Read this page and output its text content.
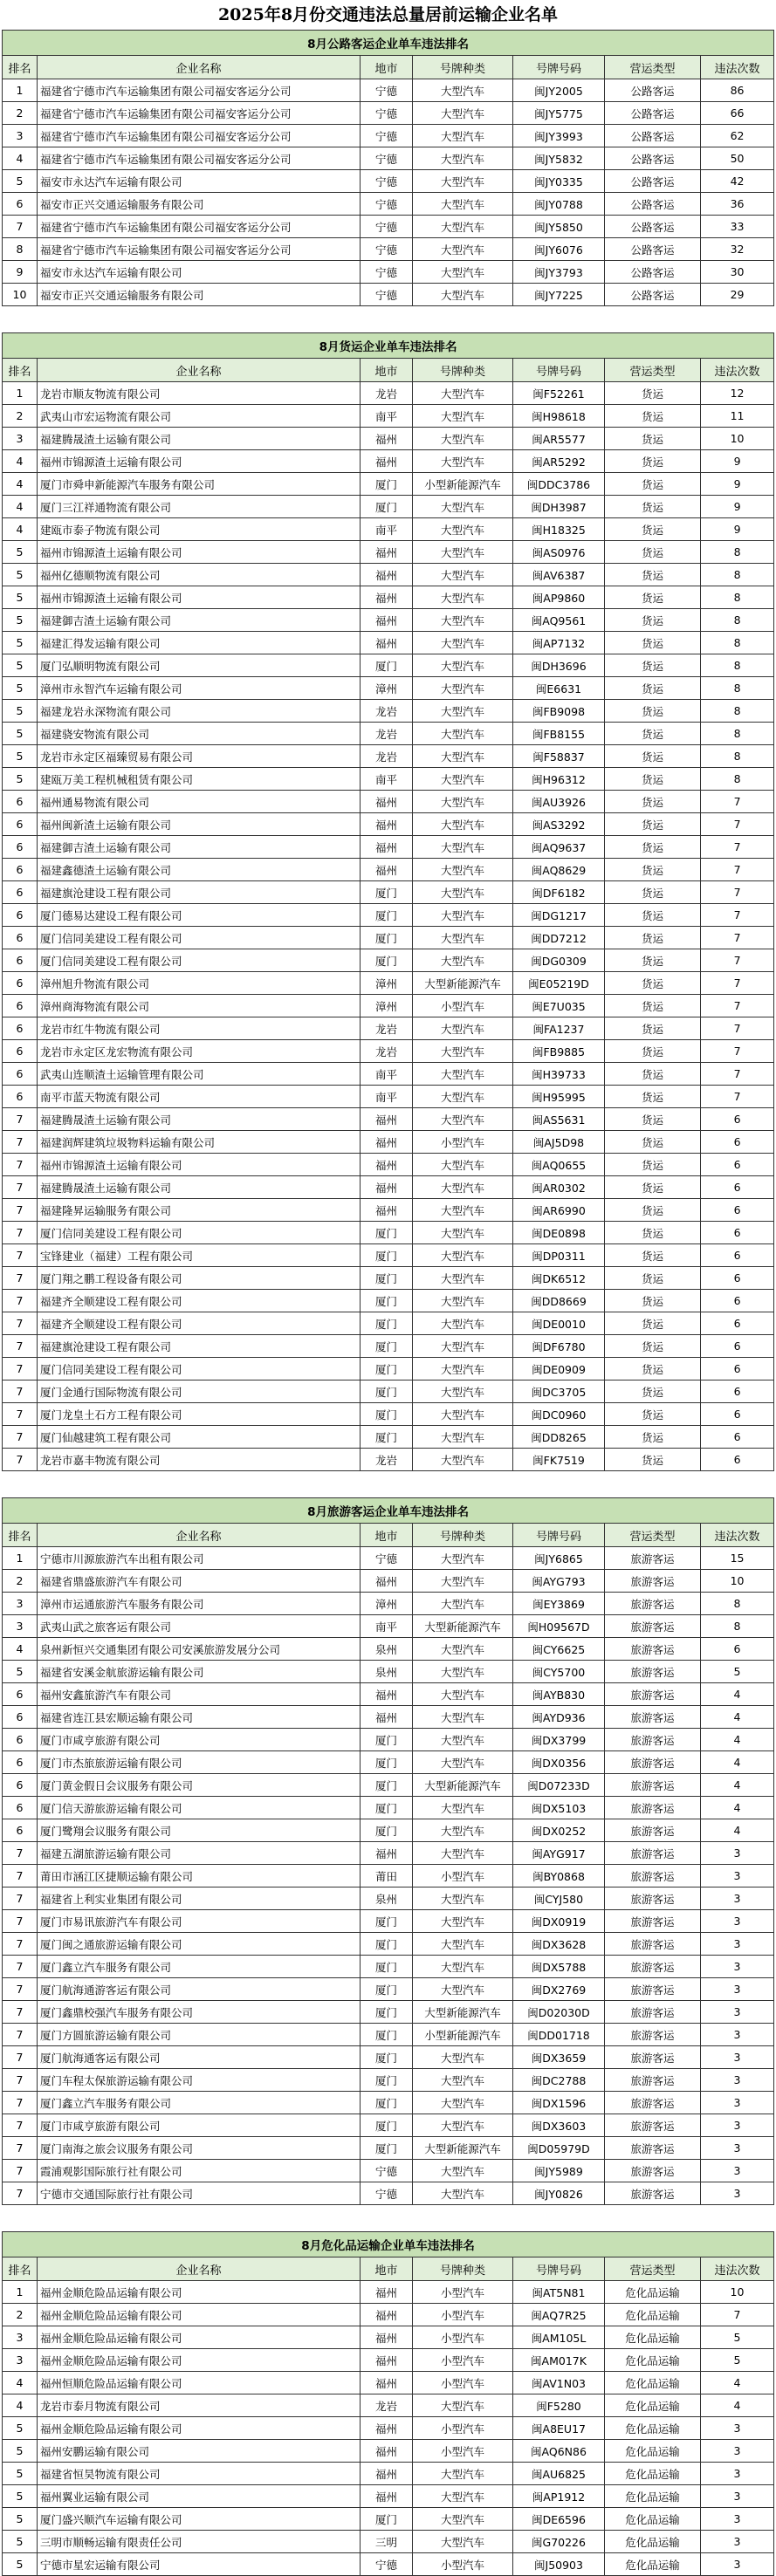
2025年8月份交通违法总量居前运输企业名单
8月公路客运企业单车违法排名						
排名	企业名称	地市	号牌种类	号牌号码	营运类型	违法次数
1	福建省宁德市汽车运输集团有限公司福安客运分公司	宁德	大型汽车	闽JY2005	公路客运	86
2	福建省宁德市汽车运输集团有限公司福安客运分公司	宁德	大型汽车	闽JY5775	公路客运	66
3	福建省宁德市汽车运输集团有限公司福安客运分公司	宁德	大型汽车	闽JY3993	公路客运	62
4	福建省宁德市汽车运输集团有限公司福安客运分公司	宁德	大型汽车	闽JY5832	公路客运	50
5	福安市永达汽车运输有限公司	宁德	大型汽车	闽JY0335	公路客运	42
6	福安市正兴交通运输服务有限公司	宁德	大型汽车	闽JY0788	公路客运	36
7	福建省宁德市汽车运输集团有限公司福安客运分公司	宁德	大型汽车	闽JY5850	公路客运	33
8	福建省宁德市汽车运输集团有限公司福安客运分公司	宁德	大型汽车	闽JY6076	公路客运	32
9	福安市永达汽车运输有限公司	宁德	大型汽车	闽JY3793	公路客运	30
10	福安市正兴交通运输服务有限公司	宁德	大型汽车	闽JY7225	公路客运	29
8月货运企业单车违法排名						
排名	企业名称	地市	号牌种类	号牌号码	营运类型	违法次数
1	龙岩市顺友物流有限公司	龙岩	大型汽车	闽F52261	货运	12
2	武夷山市宏运物流有限公司	南平	大型汽车	闽H98618	货运	11
3	福建腾晟渣土运输有限公司	福州	大型汽车	闽AR5577	货运	10
4	福州市锦源渣土运输有限公司	福州	大型汽车	闽AR5292	货运	9
4	厦门市舜申新能源汽车服务有限公司	厦门	小型新能源汽车	闽DDC3786	货运	9
4	厦门三江祥通物流有限公司	厦门	大型汽车	闽DH3987	货运	9
4	建瓯市泰子物流有限公司	南平	大型汽车	闽H18325	货运	9
5	福州市锦源渣土运输有限公司	福州	大型汽车	闽AS0976	货运	8
5	福州亿德顺物流有限公司	福州	大型汽车	闽AV6387	货运	8
5	福州市锦源渣土运输有限公司	福州	大型汽车	闽AP9860	货运	8
5	福建御吉渣土运输有限公司	福州	大型汽车	闽AQ9561	货运	8
5	福建汇得发运输有限公司	福州	大型汽车	闽AP7132	货运	8
5	厦门弘顺明物流有限公司	厦门	大型汽车	闽DH3696	货运	8
5	漳州市永智汽车运输有限公司	漳州	大型汽车	闽E6631	货运	8
5	福建龙岩永深物流有限公司	龙岩	大型汽车	闽FB9098	货运	8
5	福建骁安物流有限公司	龙岩	大型汽车	闽FB8155	货运	8
5	龙岩市永定区福臻贸易有限公司	龙岩	大型汽车	闽F58837	货运	8
5	建瓯万美工程机械租赁有限公司	南平	大型汽车	闽H96312	货运	8
6	福州通易物流有限公司	福州	大型汽车	闽AU3926	货运	7
6	福州闽新渣土运输有限公司	福州	大型汽车	闽AS3292	货运	7
6	福建御吉渣土运输有限公司	福州	大型汽车	闽AQ9637	货运	7
6	福建鑫德渣土运输有限公司	福州	大型汽车	闽AQ8629	货运	7
6	福建旗沧建设工程有限公司	厦门	大型汽车	闽DF6182	货运	7
6	厦门德易达建设工程有限公司	厦门	大型汽车	闽DG1217	货运	7
6	厦门信同美建设工程有限公司	厦门	大型汽车	闽DD7212	货运	7
6	厦门信同美建设工程有限公司	厦门	大型汽车	闽DG0309	货运	7
6	漳州旭升物流有限公司	漳州	大型新能源汽车	闽E05219D	货运	7
6	漳州商海物流有限公司	漳州	小型汽车	闽E7U035	货运	7
6	龙岩市红牛物流有限公司	龙岩	大型汽车	闽FA1237	货运	7
6	龙岩市永定区龙宏物流有限公司	龙岩	大型汽车	闽FB9885	货运	7
6	武夷山连顺渣土运输管理有限公司	南平	大型汽车	闽H39733	货运	7
6	南平市蓝天物流有限公司	南平	大型汽车	闽H95995	货运	7
7	福建腾晟渣土运输有限公司	福州	大型汽车	闽AS5631	货运	6
7	福建润辉建筑垃圾物料运输有限公司	福州	小型汽车	闽AJ5D98	货运	6
7	福州市锦源渣土运输有限公司	福州	大型汽车	闽AQ0655	货运	6
7	福建腾晟渣土运输有限公司	福州	大型汽车	闽AR0302	货运	6
7	福建隆昇运输服务有限公司	福州	大型汽车	闽AR6990	货运	6
7	厦门信同美建设工程有限公司	厦门	大型汽车	闽DE0898	货运	6
7	宝锋建业（福建）工程有限公司	厦门	大型汽车	闽DP0311	货运	6
7	厦门翔之鹏工程设备有限公司	厦门	大型汽车	闽DK6512	货运	6
7	福建齐全顺建设工程有限公司	厦门	大型汽车	闽DD8669	货运	6
7	福建齐全顺建设工程有限公司	厦门	大型汽车	闽DE0010	货运	6
7	福建旗沧建设工程有限公司	厦门	大型汽车	闽DF6780	货运	6
7	厦门信同美建设工程有限公司	厦门	大型汽车	闽DE0909	货运	6
7	厦门金通行国际物流有限公司	厦门	大型汽车	闽DC3705	货运	6
7	厦门龙皇土石方工程有限公司	厦门	大型汽车	闽DC0960	货运	6
7	厦门仙越建筑工程有限公司	厦门	大型汽车	闽DD8265	货运	6
7	龙岩市嘉丰物流有限公司	龙岩	大型汽车	闽FK7519	货运	6
8月旅游客运企业单车违法排名						
排名	企业名称	地市	号牌种类	号牌号码	营运类型	违法次数
1	宁德市川源旅游汽车出租有限公司	宁德	大型汽车	闽JY6865	旅游客运	15
2	福建省鼎盛旅游汽车有限公司	福州	大型汽车	闽AYG793	旅游客运	10
3	漳州市运通旅游汽车服务有限公司	漳州	大型汽车	闽EY3869	旅游客运	8
3	武夷山武之旅客运有限公司	南平	大型新能源汽车	闽H09567D	旅游客运	8
4	泉州新恒兴交通集团有限公司安溪旅游发展分公司	泉州	大型汽车	闽CY6625	旅游客运	6
5	福建省安溪金航旅游运输有限公司	泉州	大型汽车	闽CY5700	旅游客运	5
6	福州安鑫旅游汽车有限公司	福州	大型汽车	闽AYB830	旅游客运	4
6	福建省连江县宏顺运输有限公司	福州	大型汽车	闽AYD936	旅游客运	4
6	厦门市咸亨旅游有限公司	厦门	大型汽车	闽DX3799	旅游客运	4
6	厦门市杰旅旅游运输有限公司	厦门	大型汽车	闽DX0356	旅游客运	4
6	厦门黄金假日会议服务有限公司	厦门	大型新能源汽车	闽D07233D	旅游客运	4
6	厦门信天游旅游运输有限公司	厦门	大型汽车	闽DX5103	旅游客运	4
6	厦门鹭翔会议服务有限公司	厦门	大型汽车	闽DX0252	旅游客运	4
7	福建五湖旅游运输有限公司	福州	大型汽车	闽AYG917	旅游客运	3
7	莆田市涵江区捷顺运输有限公司	莆田	小型汽车	闽BY0868	旅游客运	3
7	福建省上利实业集团有限公司	泉州	大型汽车	闽CYJ580	旅游客运	3
7	厦门市易讯旅游汽车有限公司	厦门	大型汽车	闽DX0919	旅游客运	3
7	厦门闽之通旅游运输有限公司	厦门	大型汽车	闽DX3628	旅游客运	3
7	厦门鑫立汽车服务有限公司	厦门	大型汽车	闽DX5788	旅游客运	3
7	厦门航海通游客运有限公司	厦门	大型汽车	闽DX2769	旅游客运	3
7	厦门鑫鼎校强汽车服务有限公司	厦门	大型新能源汽车	闽D02030D	旅游客运	3
7	厦门方圆旅游运输有限公司	厦门	小型新能源汽车	闽DD01718	旅游客运	3
7	厦门航海通客运有限公司	厦门	大型汽车	闽DX3659	旅游客运	3
7	厦门车程太保旅游运输有限公司	厦门	大型汽车	闽DC2788	旅游客运	3
7	厦门鑫立汽车服务有限公司	厦门	大型汽车	闽DX1596	旅游客运	3
7	厦门市咸亨旅游有限公司	厦门	大型汽车	闽DX3603	旅游客运	3
7	厦门南海之旅会议服务有限公司	厦门	大型新能源汽车	闽D05979D	旅游客运	3
7	霞浦观影国际旅行社有限公司	宁德	大型汽车	闽JY5989	旅游客运	3
7	宁德市交通国际旅行社有限公司	宁德	大型汽车	闽JY0826	旅游客运	3
8月危化品运输企业单车违法排名						
排名	企业名称	地市	号牌种类	号牌号码	营运类型	违法次数
1	福州金顺危险品运输有限公司	福州	小型汽车	闽AT5N81	危化品运输	10
2	福州金顺危险品运输有限公司	福州	小型汽车	闽AQ7R25	危化品运输	7
3	福州金顺危险品运输有限公司	福州	小型汽车	闽AM105L	危化品运输	5
3	福州金顺危险品运输有限公司	福州	小型汽车	闽AM017K	危化品运输	5
4	福州恒顺危险品运输有限公司	福州	小型汽车	闽AV1N03	危化品运输	4
4	龙岩市泰月物流有限公司	龙岩	大型汽车	闽F5280	危化品运输	4
5	福州金顺危险品运输有限公司	福州	小型汽车	闽A8EU17	危化品运输	3
5	福州安鹏运输有限公司	福州	小型汽车	闽AQ6N86	危化品运输	3
5	福建省恒昊物流有限公司	福州	大型汽车	闽AU6825	危化品运输	3
5	福州翼业运输有限公司	福州	大型汽车	闽AP1912	危化品运输	3
5	厦门盛兴顺汽车运输有限公司	厦门	大型汽车	闽DE6596	危化品运输	3
5	三明市顺畅运输有限责任公司	三明	大型汽车	闽G70226	危化品运输	3
5	宁德市星宏运输有限公司	宁德	小型汽车	闽J50903	危化品运输	3
